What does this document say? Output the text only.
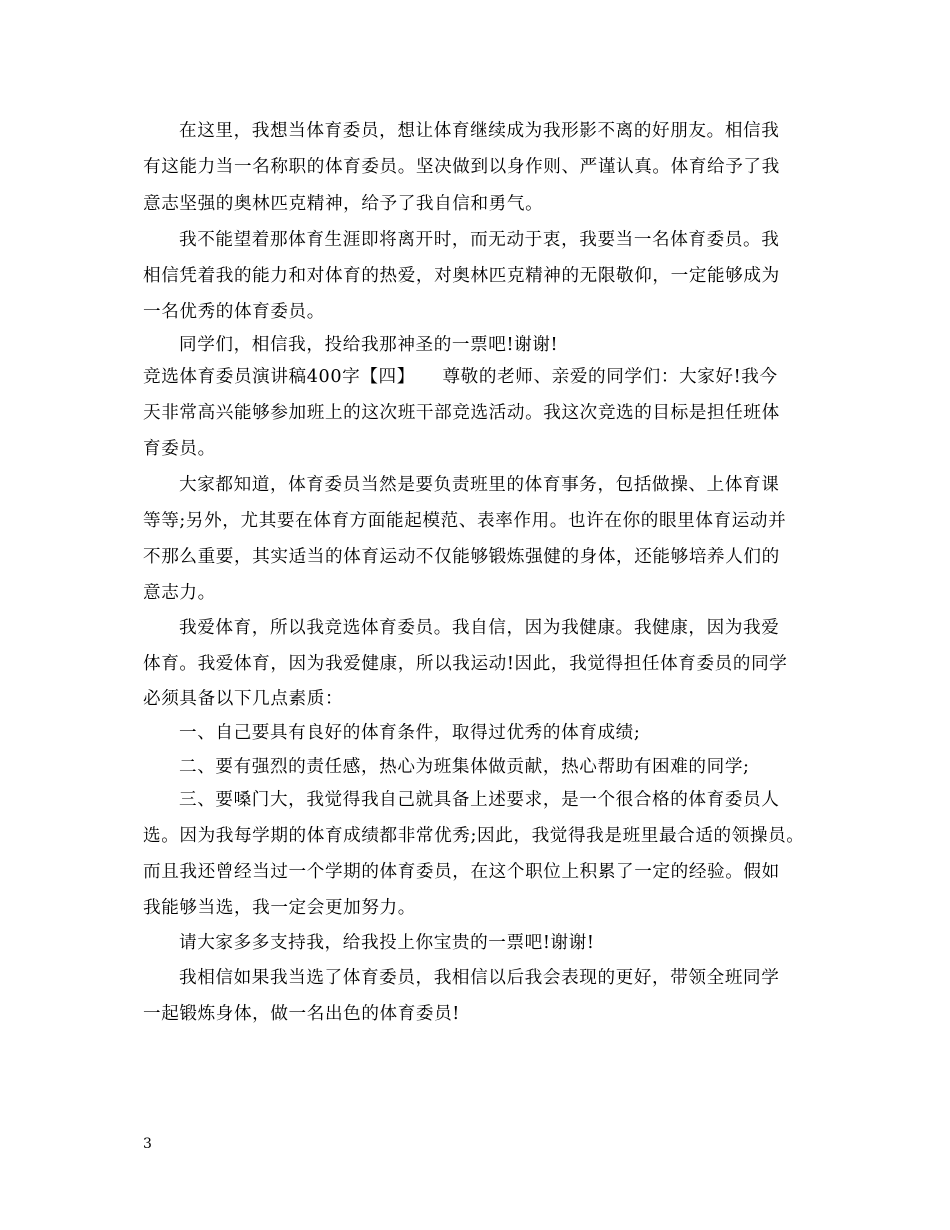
在这里，我想当体育委员，想让体育继续成为我形影不离的好朋友。相信我
有这能力当一名称职的体育委员。坚决做到以身作则、严谨认真。体育给予了我
意志坚强的奥林匹克精神，给予了我自信和勇气。
我不能望着那体育生涯即将离开时，而无动于衷，我要当一名体育委员。我
相信凭着我的能力和对体育的热爱，对奥林匹克精神的无限敬仰，一定能够成为
一名优秀的体育委员。
同学们，相信我，投给我那神圣的一票吧!谢谢!
竞选体育委员演讲稿400字【四】　　尊敬的老师、亲爱的同学们：大家好!我今
天非常高兴能够参加班上的这次班干部竞选活动。我这次竞选的目标是担任班体
育委员。
大家都知道，体育委员当然是要负责班里的体育事务，包括做操、上体育课
等等;另外，尤其要在体育方面能起模范、表率作用。也许在你的眼里体育运动并
不那么重要，其实适当的体育运动不仅能够锻炼强健的身体，还能够培养人们的
意志力。
我爱体育，所以我竞选体育委员。我自信，因为我健康。我健康，因为我爱
体育。我爱体育，因为我爱健康，所以我运动!因此，我觉得担任体育委员的同学
必须具备以下几点素质：
一、自己要具有良好的体育条件，取得过优秀的体育成绩;
二、要有强烈的责任感，热心为班集体做贡献，热心帮助有困难的同学;
三、要嗓门大，我觉得我自己就具备上述要求，是一个很合格的体育委员人
选。因为我每学期的体育成绩都非常优秀;因此，我觉得我是班里最合适的领操员。
而且我还曾经当过一个学期的体育委员，在这个职位上积累了一定的经验。假如
我能够当选，我一定会更加努力。
请大家多多支持我，给我投上你宝贵的一票吧!谢谢!
我相信如果我当选了体育委员，我相信以后我会表现的更好，带领全班同学
一起锻炼身体，做一名出色的体育委员!
3
